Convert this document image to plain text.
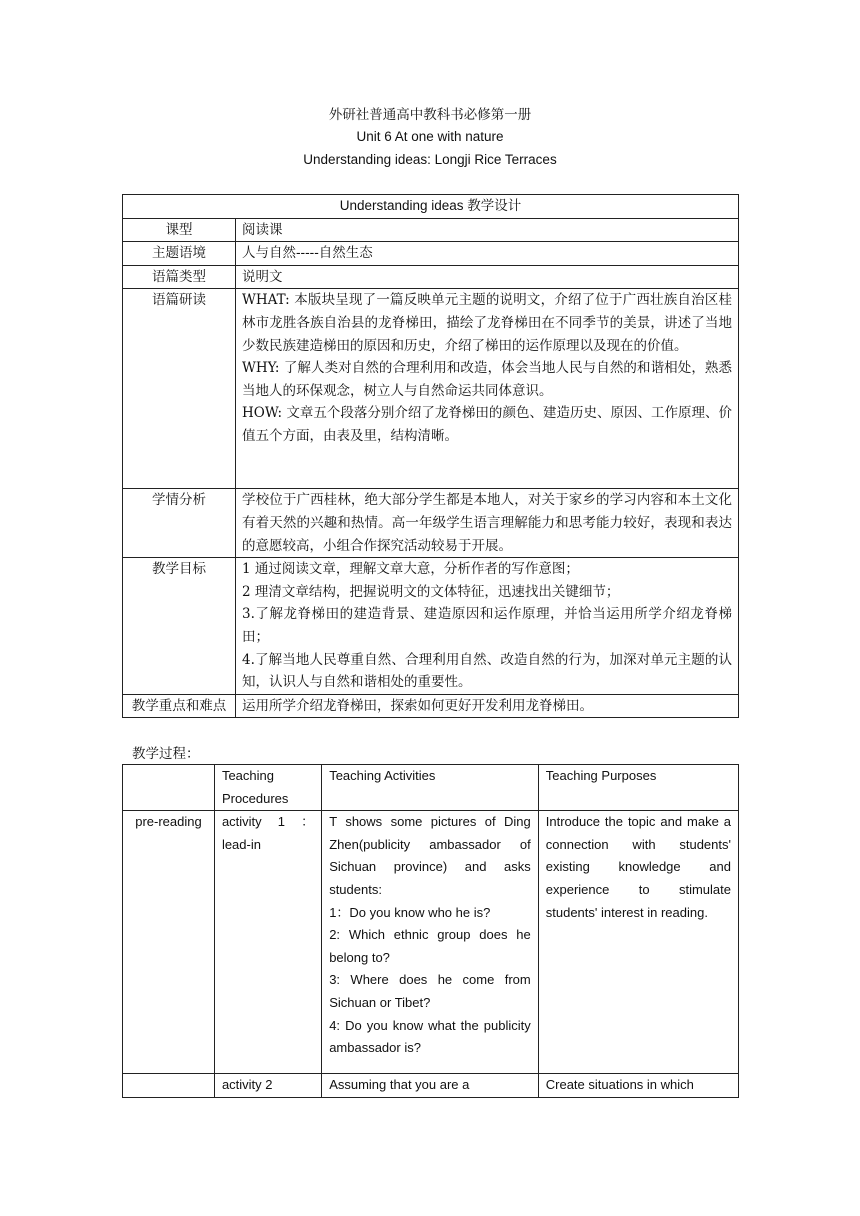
外研社普通高中教科书必修第一册
Unit 6 At one with nature
Understanding ideas: Longji Rice Terraces
Understanding ideas 教学设计	
课型	阅读课
主题语境	人与自然-----自然生态
语篇类型	说明文
语篇研读	WHAT: 本版块呈现了一篇反映单元主题的说明文，介绍了位于广西壮族自治区桂林市龙胜各族自治县的龙脊梯田，描绘了龙脊梯田在不同季节的美景，讲述了当地少数民族建造梯田的原因和历史，介绍了梯田的运作原理以及现在的价值。
WHY: 了解人类对自然的合理利用和改造，体会当地人民与自然的和谐相处，熟悉当地人的环保观念，树立人与自然命运共同体意识。
HOW: 文章五个段落分别介绍了龙脊梯田的颜色、建造历史、原因、工作原理、价值五个方面，由表及里，结构清晰。

学情分析	学校位于广西桂林，绝大部分学生都是本地人，对关于家乡的学习内容和本土文化有着天然的兴趣和热情。高一年级学生语言理解能力和思考能力较好，表现和表达的意愿较高，小组合作探究活动较易于开展。
教学目标	1 通过阅读文章，理解文章大意，分析作者的写作意图；
2 理清文章结构，把握说明文的文体特征，迅速找出关键细节；
3.了解龙脊梯田的建造背景、建造原因和运作原理，并恰当运用所学介绍龙脊梯田；
4.了解当地人民尊重自然、合理利用自然、改造自然的行为，加深对单元主题的认知，认识人与自然和谐相处的重要性。

教学重点和难点	运用所学介绍龙脊梯田，探索如何更好开发利用龙脊梯田。
教学过程：
	Teaching Procedures	Teaching Activities	Teaching Purposes
pre-reading	activity 1 ： lead-in	T shows some pictures of Ding Zhen(publicity ambassador of Sichuan province) and asks students:
1：Do you know who he is?
2: Which ethnic group does he belong to?
3: Where does he come from Sichuan or Tibet?
4: Do you know what the publicity ambassador is?	Introduce the topic and make a connection with students' existing knowledge and experience to stimulate students' interest in reading.
	activity 2	Assuming that you are a	Create situations in which
